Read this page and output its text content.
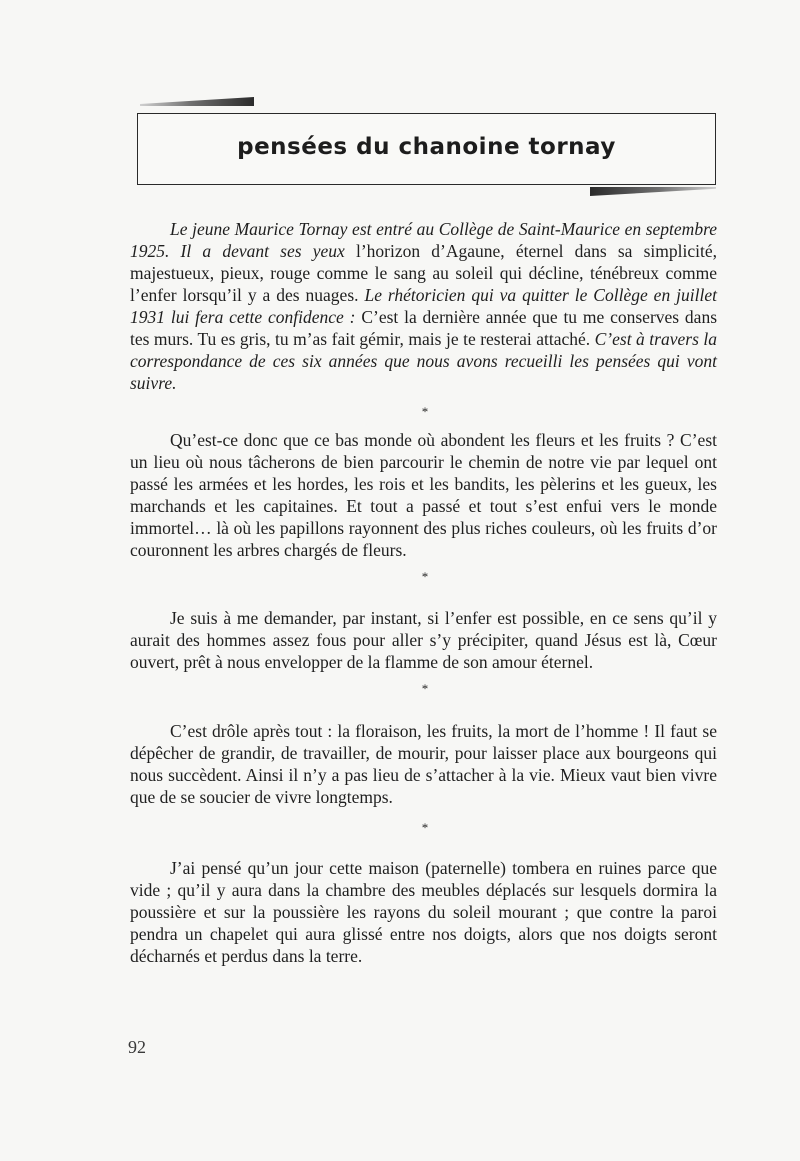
pensées du chanoine tornay

Le jeune Maurice Tornay est entré au Collège de Saint-Maurice en septembre 1925. Il a devant ses yeux l’horizon d’Agaune, éternel dans sa simplicité, majestueux, pieux, rouge comme le sang au soleil qui décline, ténébreux comme l’enfer lorsqu’il y a des nuages. Le rhétoricien qui va quitter le Collège en juillet 1931 lui fera cette confidence : C’est la dernière année que tu me conserves dans tes murs. Tu es gris, tu m’as fait gémir, mais je te resterai attaché. C’est à travers la correspondance de ces six années que nous avons recueilli les pensées qui vont suivre.

*

Qu’est-ce donc que ce bas monde où abondent les fleurs et les fruits ? C’est un lieu où nous tâcherons de bien parcourir le chemin de notre vie par lequel ont passé les armées et les hordes, les rois et les bandits, les pèlerins et les gueux, les marchands et les capitaines. Et tout a passé et tout s’est enfui vers le monde immortel… là où les papillons rayonnent des plus riches couleurs, où les fruits d’or couronnent les arbres chargés de fleurs.

*

Je suis à me demander, par instant, si l’enfer est possible, en ce sens qu’il y aurait des hommes assez fous pour aller s’y précipiter, quand Jésus est là, Cœur ouvert, prêt à nous envelopper de la flamme de son amour éternel.

*

C’est drôle après tout : la floraison, les fruits, la mort de l’homme ! Il faut se dépêcher de grandir, de travailler, de mourir, pour laisser place aux bourgeons qui nous succèdent. Ainsi il n’y a pas lieu de s’attacher à la vie. Mieux vaut bien vivre que de se soucier de vivre longtemps.

*

J’ai pensé qu’un jour cette maison (paternelle) tombera en ruines parce que vide ; qu’il y aura dans la chambre des meubles déplacés sur lesquels dormira la poussière et sur la poussière les rayons du soleil mourant ; que contre la paroi pendra un chapelet qui aura glissé entre nos doigts, alors que nos doigts seront décharnés et perdus dans la terre.

92
